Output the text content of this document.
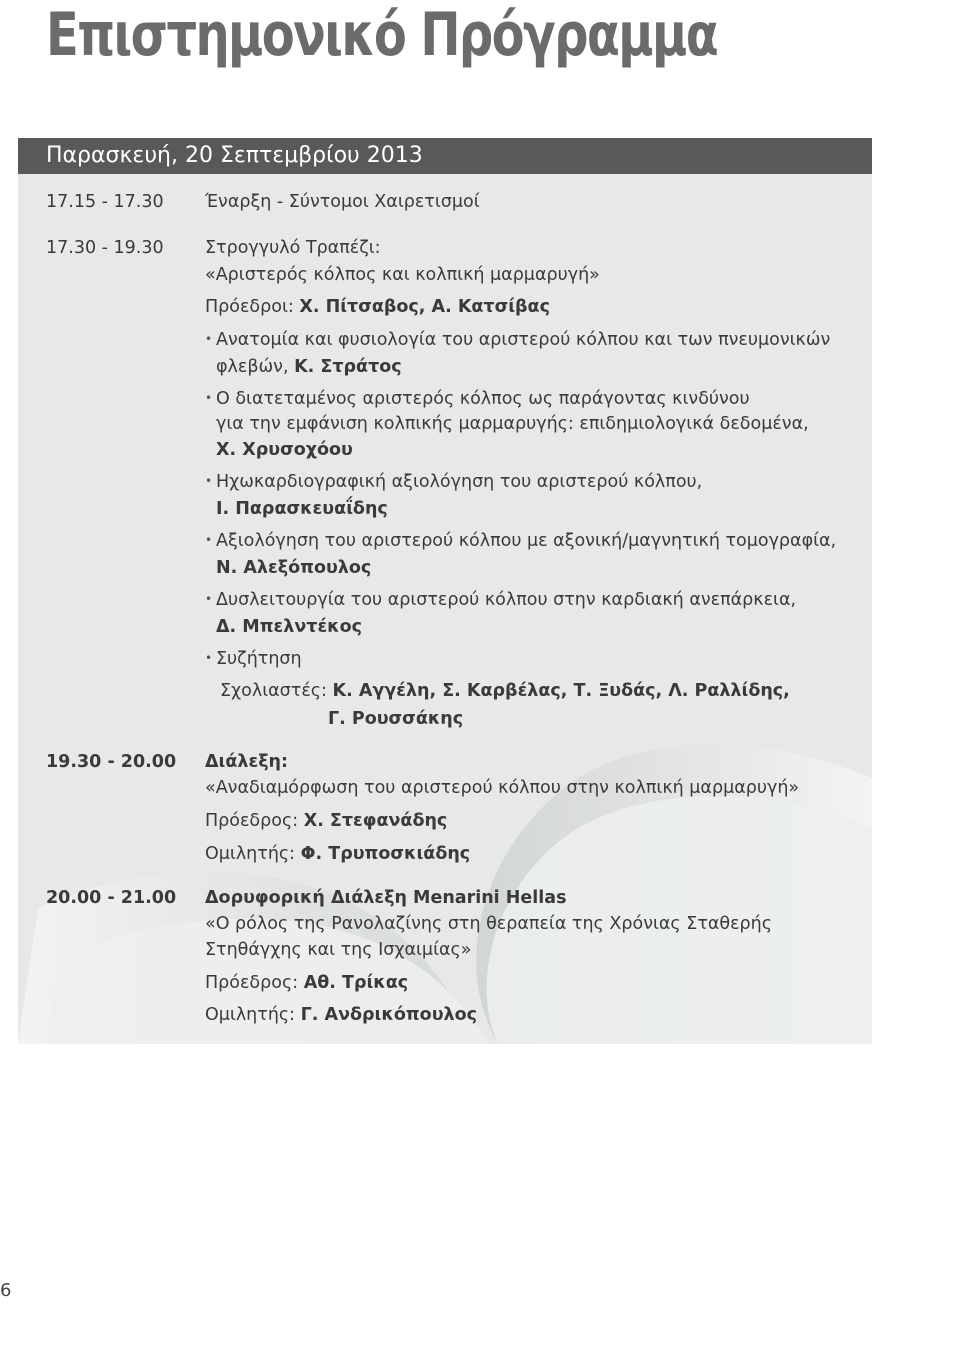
Επιστημονικό Πρόγραμμα
Παρασκευή, 20 Σεπτεμβρίου 2013
17.15 - 17.30 Έναρξη - Σύντομοι Χαιρετισμοί
17.30 - 19.30 Στρογγυλό Τραπέζι:
«Αριστερός κόλπος και κολπική μαρμαρυγή»
Πρόεδροι: Χ. Πίτσαβος, Α. Κατσίβας
• Ανατομία και φυσιολογία του αριστερού κόλπου και των πνευμονικών
φλεβών, Κ. Στράτος
• Ο διατεταμένος αριστερός κόλπος ως παράγοντας κινδύνου
για την εμφάνιση κολπικής μαρμαρυγής: επιδημιολογικά δεδομένα,
Χ. Χρυσοχόου
• Ηχωκαρδιογραφική αξιολόγηση του αριστερού κόλπου,
Ι. Παρασκευαΐδης
• Αξιολόγηση του αριστερού κόλπου με αξονική/μαγνητική τομογραφία,
Ν. Αλεξόπουλος
• Δυσλειτουργία του αριστερού κόλπου στην καρδιακή ανεπάρκεια,
Δ. Μπελντέκος
• Συζήτηση
Σχολιαστές: Κ. Αγγέλη, Σ. Καρβέλας, Τ. Ξυδάς, Λ. Ραλλίδης,
Γ. Ρουσσάκης
19.30 - 20.00 Διάλεξη:
«Αναδιαμόρφωση του αριστερού κόλπου στην κολπική μαρμαρυγή»
Πρόεδρος: Χ. Στεφανάδης
Ομιλητής: Φ. Τρυποσκιάδης
20.00 - 21.00 Δορυφορική Διάλεξη Menarini Hellas
«Ο ρόλος της Ρανολαζίνης στη θεραπεία της Χρόνιας Σταθερής
Στηθάγχης και της Ισχαιμίας»
Πρόεδρος: Αθ. Τρίκας
Ομιλητής: Γ. Ανδρικόπουλος
6
